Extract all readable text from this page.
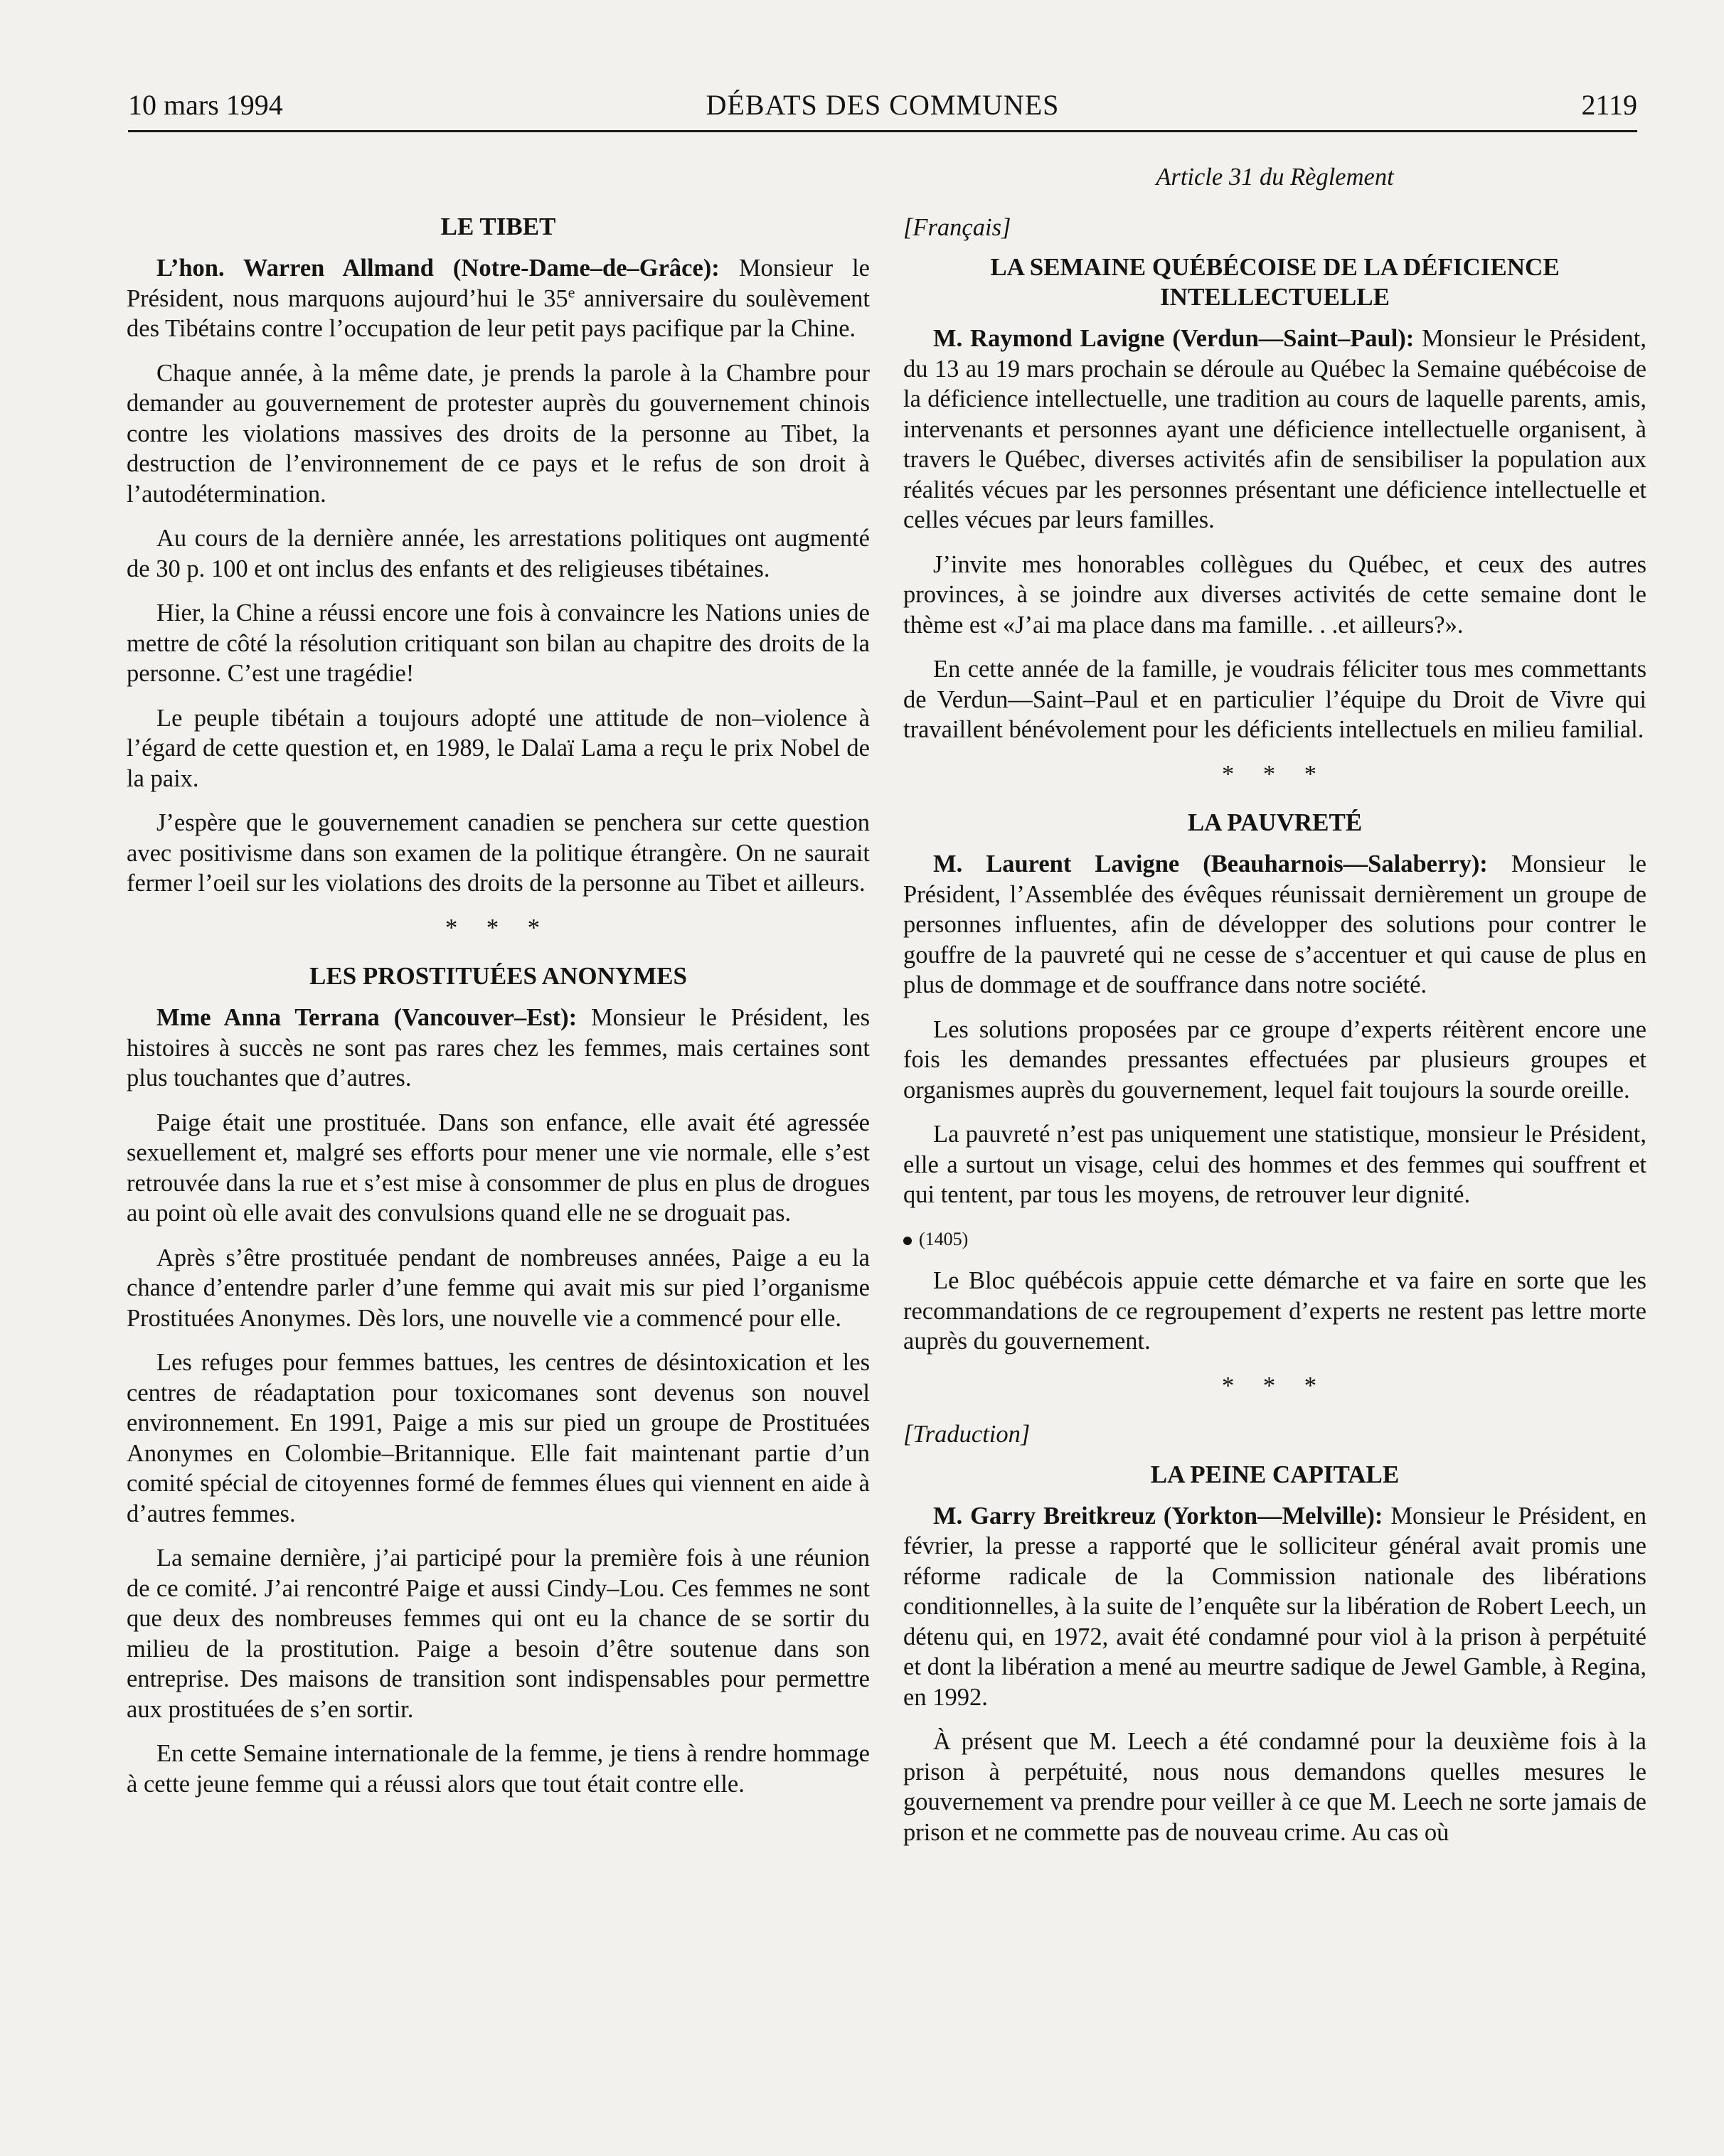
10 mars 1994	DÉBATS DES COMMUNES	2119
LE TIBET

L’hon. Warren Allmand (Notre-Dame–de–Grâce): Monsieur le Président, nous marquons aujourd’hui le 35e anniversaire du soulèvement des Tibétains contre l’occupation de leur petit pays pacifique par la Chine.

Chaque année, à la même date, je prends la parole à la Chambre pour demander au gouvernement de protester auprès du gouvernement chinois contre les violations massives des droits de la personne au Tibet, la destruction de l’environnement de ce pays et le refus de son droit à l’autodétermination.

Au cours de la dernière année, les arrestations politiques ont augmenté de 30 p. 100 et ont inclus des enfants et des religieuses tibétaines.

Hier, la Chine a réussi encore une fois à convaincre les Nations unies de mettre de côté la résolution critiquant son bilan au chapitre des droits de la personne. C’est une tragédie!

Le peuple tibétain a toujours adopté une attitude de non–violence à l’égard de cette question et, en 1989, le Dalaï Lama a reçu le prix Nobel de la paix.

J’espère que le gouvernement canadien se penchera sur cette question avec positivisme dans son examen de la politique étrangère. On ne saurait fermer l’oeil sur les violations des droits de la personne au Tibet et ailleurs.

* * *

LES PROSTITUÉES ANONYMES

Mme Anna Terrana (Vancouver–Est): Monsieur le Président, les histoires à succès ne sont pas rares chez les femmes, mais certaines sont plus touchantes que d’autres.

Paige était une prostituée. Dans son enfance, elle avait été agressée sexuellement et, malgré ses efforts pour mener une vie normale, elle s’est retrouvée dans la rue et s’est mise à consommer de plus en plus de drogues au point où elle avait des convulsions quand elle ne se droguait pas.

Après s’être prostituée pendant de nombreuses années, Paige a eu la chance d’entendre parler d’une femme qui avait mis sur pied l’organisme Prostituées Anonymes. Dès lors, une nouvelle vie a commencé pour elle.

Les refuges pour femmes battues, les centres de désintoxication et les centres de réadaptation pour toxicomanes sont devenus son nouvel environnement. En 1991, Paige a mis sur pied un groupe de Prostituées Anonymes en Colombie–Britannique. Elle fait maintenant partie d’un comité spécial de citoyennes formé de femmes élues qui viennent en aide à d’autres femmes.

La semaine dernière, j’ai participé pour la première fois à une réunion de ce comité. J’ai rencontré Paige et aussi Cindy–Lou. Ces femmes ne sont que deux des nombreuses femmes qui ont eu la chance de se sortir du milieu de la prostitution. Paige a besoin d’être soutenue dans son entreprise. Des maisons de transition sont indispensables pour permettre aux prostituées de s’en sortir.

En cette Semaine internationale de la femme, je tiens à rendre hommage à cette jeune femme qui a réussi alors que tout était contre elle.

Article 31 du Règlement

[Français]

LA SEMAINE QUÉBÉCOISE DE LA DÉFICIENCE INTELLECTUELLE

M. Raymond Lavigne (Verdun—Saint–Paul): Monsieur le Président, du 13 au 19 mars prochain se déroule au Québec la Semaine québécoise de la déficience intellectuelle, une tradition au cours de laquelle parents, amis, intervenants et personnes ayant une déficience intellectuelle organisent, à travers le Québec, diverses activités afin de sensibiliser la population aux réalités vécues par les personnes présentant une déficience intellectuelle et celles vécues par leurs familles.

J’invite mes honorables collègues du Québec, et ceux des autres provinces, à se joindre aux diverses activités de cette semaine dont le thème est «J’ai ma place dans ma famille. . .et ailleurs?».

En cette année de la famille, je voudrais féliciter tous mes commettants de Verdun—Saint–Paul et en particulier l’équipe du Droit de Vivre qui travaillent bénévolement pour les déficients intellectuels en milieu familial.

* * *

LA PAUVRETÉ

M. Laurent Lavigne (Beauharnois—Salaberry): Monsieur le Président, l’Assemblée des évêques réunissait dernièrement un groupe de personnes influentes, afin de développer des solutions pour contrer le gouffre de la pauvreté qui ne cesse de s’accentuer et qui cause de plus en plus de dommage et de souffrance dans notre société.

Les solutions proposées par ce groupe d’experts réitèrent encore une fois les demandes pressantes effectuées par plusieurs groupes et organismes auprès du gouvernement, lequel fait toujours la sourde oreille.

La pauvreté n’est pas uniquement une statistique, monsieur le Président, elle a surtout un visage, celui des hommes et des femmes qui souffrent et qui tentent, par tous les moyens, de retrouver leur dignité.

(1405)

Le Bloc québécois appuie cette démarche et va faire en sorte que les recommandations de ce regroupement d’experts ne restent pas lettre morte auprès du gouvernement.

* * *

[Traduction]

LA PEINE CAPITALE

M. Garry Breitkreuz (Yorkton—Melville): Monsieur le Président, en février, la presse a rapporté que le solliciteur général avait promis une réforme radicale de la Commission nationale des libérations conditionnelles, à la suite de l’enquête sur la libération de Robert Leech, un détenu qui, en 1972, avait été condamné pour viol à la prison à perpétuité et dont la libération a mené au meurtre sadique de Jewel Gamble, à Regina, en 1992.

À présent que M. Leech a été condamné pour la deuxième fois à la prison à perpétuité, nous nous demandons quelles mesures le gouvernement va prendre pour veiller à ce que M. Leech ne sorte jamais de prison et ne commette pas de nouveau crime. Au cas où
